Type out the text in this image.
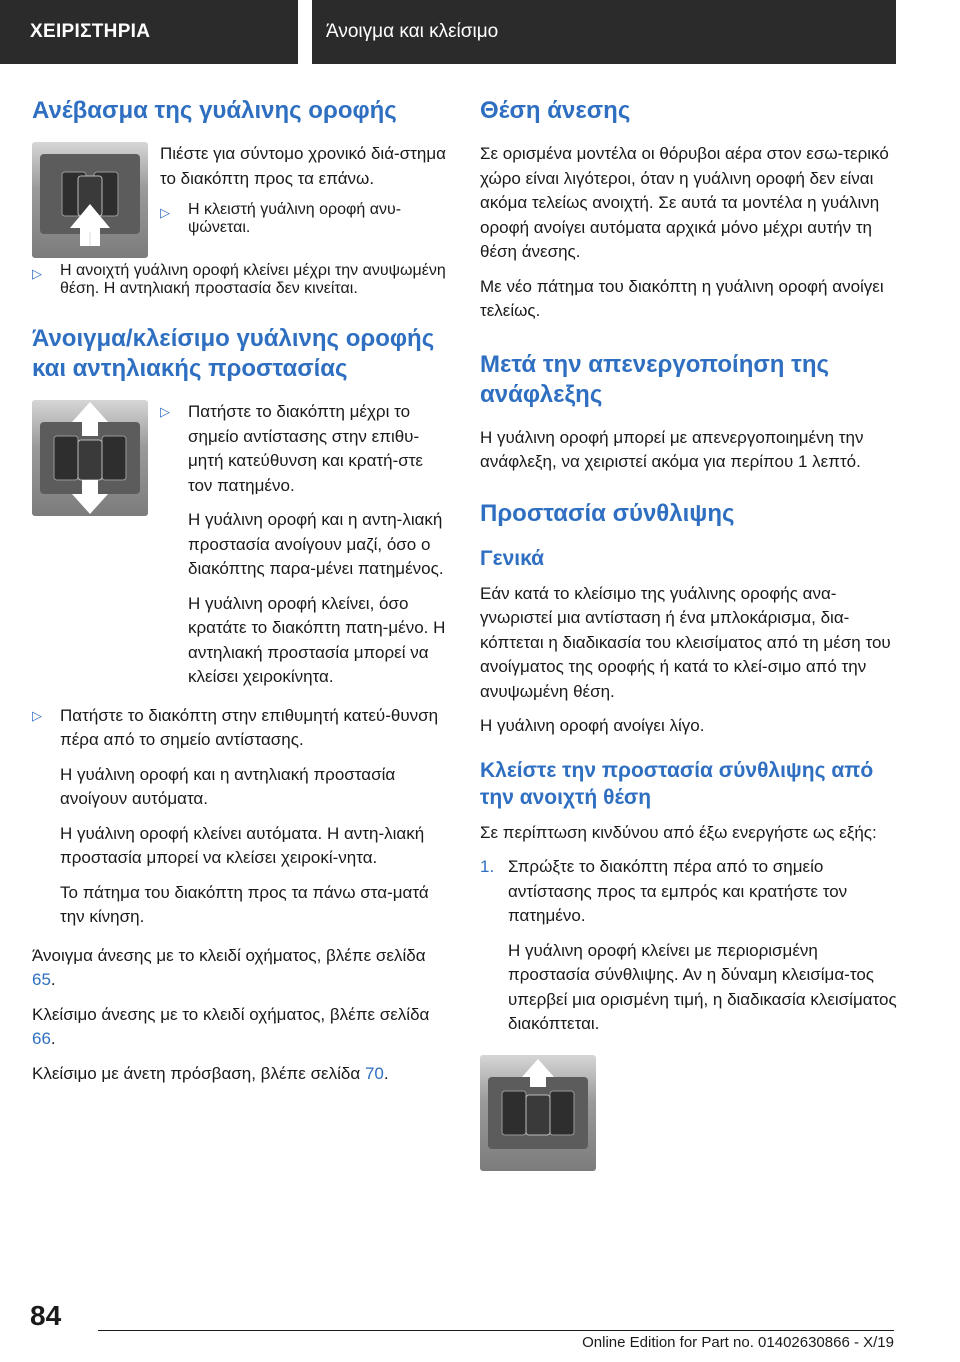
ΧΕΙΡΙΣΤΗΡΙΑ	Άνοιγμα και κλείσιμο
Ανέβασμα της γυάλινης οροφής

Πιέστε για σύντομο χρονικό διά-στημα το διακόπτη προς τα επάνω.

▷	Η κλειστή γυάλινη οροφή ανυ-ψώνεται.
▷	Η ανοιχτή γυάλινη οροφή κλείνει μέχρι την ανυψωμένη θέση. Η αντηλιακή προστασία δεν κινείται.
Άνοιγμα/κλείσιμο γυάλινης οροφής και αντηλιακής προστασίας
▷	Πατήστε το διακόπτη μέχρι το σημείο αντίστασης στην επιθυ-μητή κατεύθυνση και κρατή-στε τον πατημένο.

Η γυάλινη οροφή και η αντη-λιακή προστασία ανοίγουν μαζί, όσο ο διακόπτης παρα-μένει πατημένος.

Η γυάλινη οροφή κλείνει, όσο κρατάτε το διακόπτη πατη-μένο. Η αντηλιακή προστασία μπορεί να κλείσει χειροκίνητα.

▷	Πατήστε το διακόπτη στην επιθυμητή κατεύ-θυνση πέρα από το σημείο αντίστασης.

Η γυάλινη οροφή και η αντηλιακή προστασία ανοίγουν αυτόματα.

Η γυάλινη οροφή κλείνει αυτόματα. Η αντη-λιακή προστασία μπορεί να κλείσει χειροκί-νητα.

Το πάτημα του διακόπτη προς τα πάνω στα-ματά την κίνηση.

Άνοιγμα άνεσης με το κλειδί οχήματος, βλέπε σελίδα 65.

Κλείσιμο άνεσης με το κλειδί οχήματος, βλέπε σελίδα 66.

Κλείσιμο με άνετη πρόσβαση, βλέπε σελίδα 70.

Θέση άνεσης

Σε ορισμένα μοντέλα οι θόρυβοι αέρα στον εσω-τερικό χώρο είναι λιγότεροι, όταν η γυάλινη οροφή δεν είναι ακόμα τελείως ανοιχτή. Σε αυτά τα μοντέλα η γυάλινη οροφή ανοίγει αυτόματα αρχικά μόνο μέχρι αυτήν τη θέση άνεσης.

Με νέο πάτημα του διακόπτη η γυάλινη οροφή ανοίγει τελείως.

Μετά την απενεργοποίηση της ανάφλεξης

Η γυάλινη οροφή μπορεί με απενεργοποιημένη την ανάφλεξη, να χειριστεί ακόμα για περίπου 1 λεπτό.

Προστασία σύνθλιψης
Γενικά

Εάν κατά το κλείσιμο της γυάλινης οροφής ανα-γνωριστεί μια αντίσταση ή ένα μπλοκάρισμα, δια-κόπτεται η διαδικασία του κλεισίματος από τη μέση του ανοίγματος της οροφής ή κατά το κλεί-σιμο από την ανυψωμένη θέση.

Η γυάλινη οροφή ανοίγει λίγο.

Κλείστε την προστασία σύνθλιψης από την ανοιχτή θέση

Σε περίπτωση κινδύνου από έξω ενεργήστε ως εξής:

1. Σπρώξτε το διακόπτη πέρα από το σημείο αντίστασης προς τα εμπρός και κρατήστε τον πατημένο.

Η γυάλινη οροφή κλείνει με περιορισμένη προστασία σύνθλιψης. Αν η δύναμη κλεισίμα-τος υπερβεί μια ορισμένη τιμή, η διαδικασία κλεισίματος διακόπτεται.

84
Online Edition for Part no. 01402630866 - X/19
